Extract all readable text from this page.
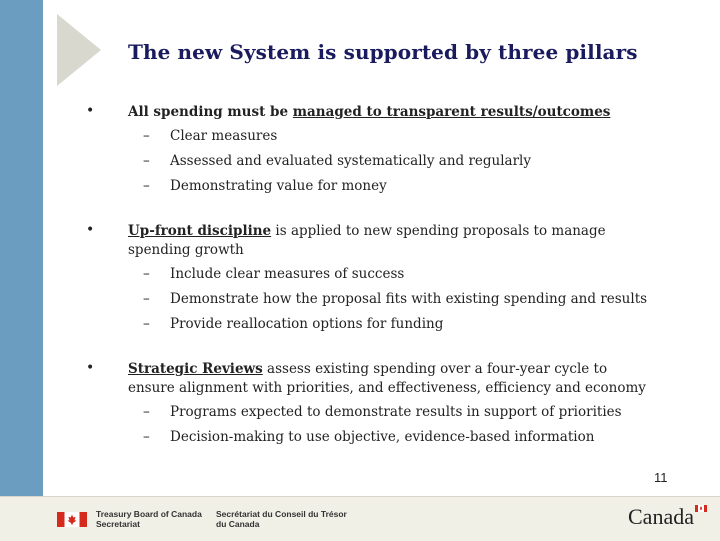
The new System is supported by three pillars
• All spending must be managed to transparent results/outcomes
– Clear measures
– Assessed and evaluated systematically and regularly
– Demonstrating value for money
• Up-front discipline is applied to new spending proposals to manage spending growth
– Include clear measures of success
– Demonstrate how the proposal fits with existing spending and results
– Provide reallocation options for funding
• Strategic Reviews assess existing spending over a four-year cycle to ensure alignment with priorities, and effectiveness, efficiency and economy
– Programs expected to demonstrate results in support of priorities
– Decision-making to use objective, evidence-based information
11
Treasury Board of Canada
Secretariat
Secrétariat du Conseil du Trésor
du Canada	Canada
